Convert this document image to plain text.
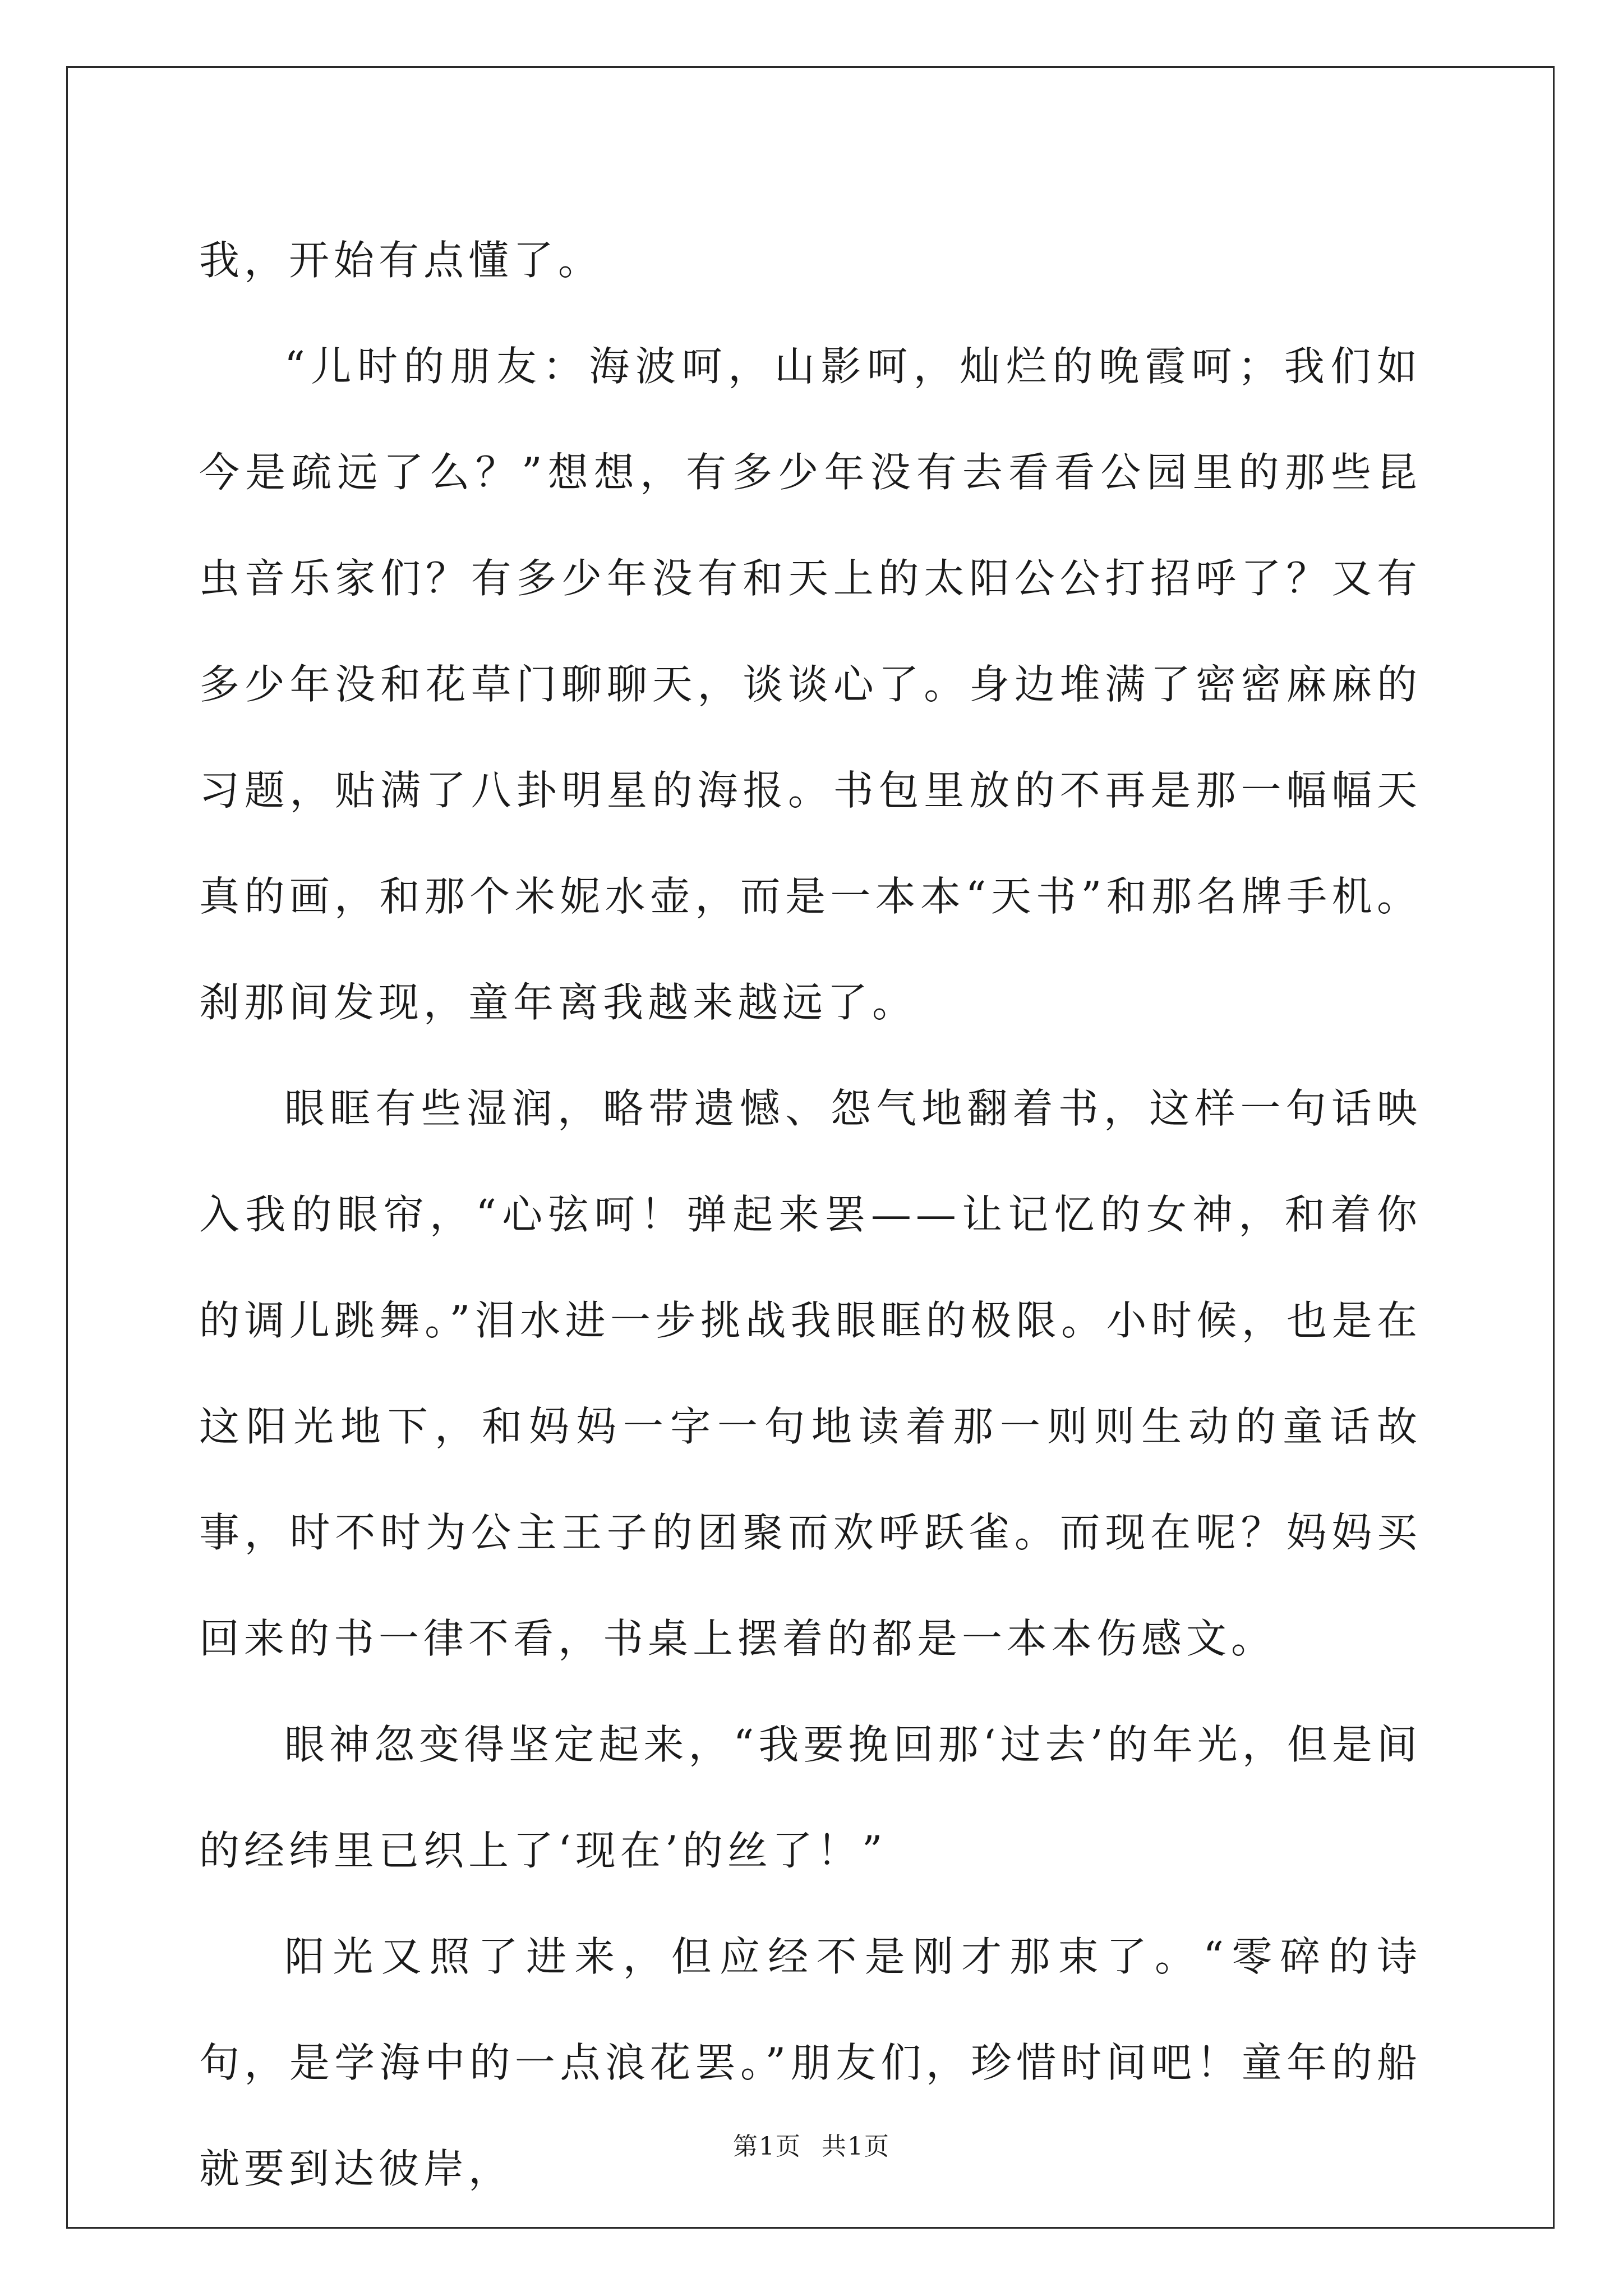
我，开始有点懂了。

“儿时的朋友：海波呵，山影呵，灿烂的晚霞呵；我们如今是疏远了么？”想想，有多少年没有去看看公园里的那些昆虫音乐家们？有多少年没有和天上的太阳公公打招呼了？又有多少年没和花草门聊聊天，谈谈心了。身边堆满了密密麻麻的习题，贴满了八卦明星的海报。书包里放的不再是那一幅幅天真的画，和那个米妮水壶，而是一本本“天书”和那名牌手机。刹那间发现，童年离我越来越远了。

眼眶有些湿润，略带遗憾、怨气地翻着书，这样一句话映入我的眼帘，“心弦呵！弹起来罢——让记忆的女神，和着你的调儿跳舞。”泪水进一步挑战我眼眶的极限。小时候，也是在这阳光地下，和妈妈一字一句地读着那一则则生动的童话故事，时不时为公主王子的团聚而欢呼跃雀。而现在呢？妈妈买回来的书一律不看，书桌上摆着的都是一本本伤感文。

眼神忽变得坚定起来，“我要挽回那‘过去’的年光，但是间的经纬里已织上了‘现在’的丝了！”

阳光又照了进来，但应经不是刚才那束了。“零碎的诗句，是学海中的一点浪花罢。”朋友们，珍惜时间吧！童年的船就要到达彼岸，	第1页 共1页
